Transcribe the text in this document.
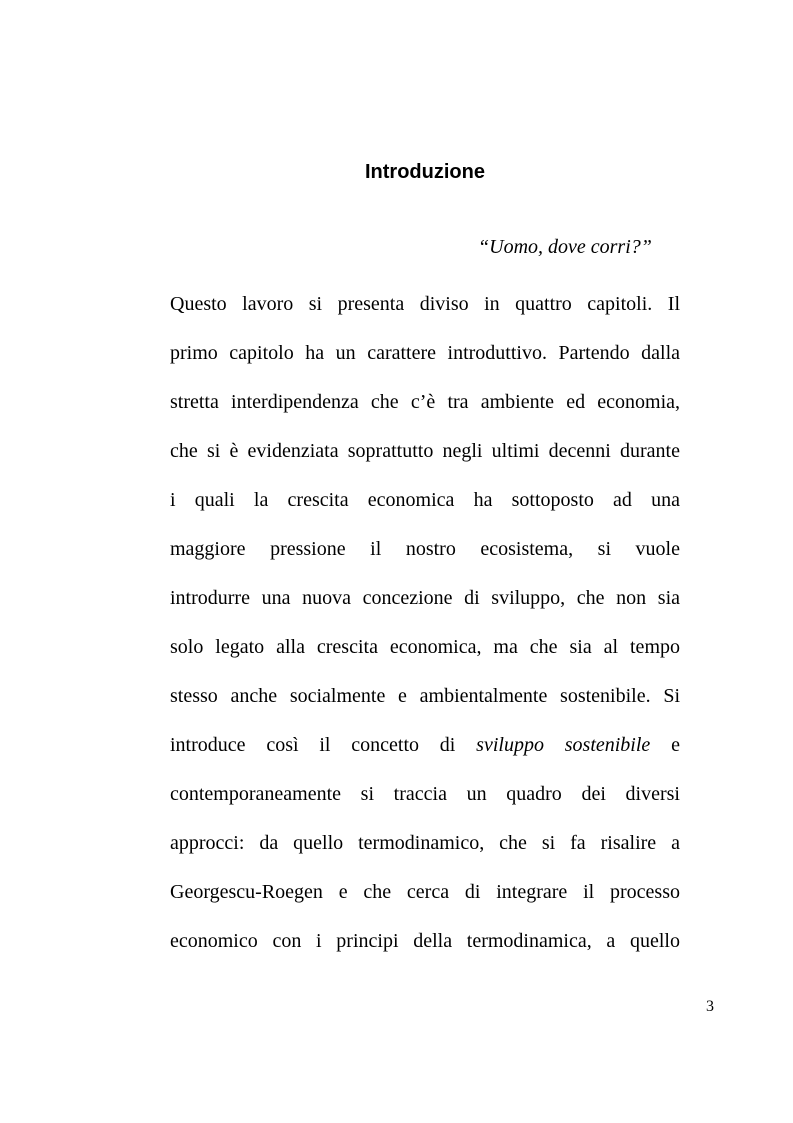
Introduzione

“Uomo, dove corri?”

Questo lavoro si presenta diviso in quattro capitoli. Il
primo capitolo ha un carattere introduttivo. Partendo dalla
stretta interdipendenza che c’è tra ambiente ed economia,
che si è evidenziata soprattutto negli ultimi decenni durante
i quali la crescita economica ha sottoposto ad una
maggiore pressione il nostro ecosistema, si vuole
introdurre una nuova concezione di sviluppo, che non sia
solo legato alla crescita economica, ma che sia al tempo
stesso anche socialmente e ambientalmente sostenibile. Si
introduce così il concetto di sviluppo sostenibile e
contemporaneamente si traccia un quadro dei diversi
approcci: da quello termodinamico, che si fa risalire a
Georgescu-Roegen e che cerca di integrare il processo
economico con i principi della termodinamica, a quello
3
